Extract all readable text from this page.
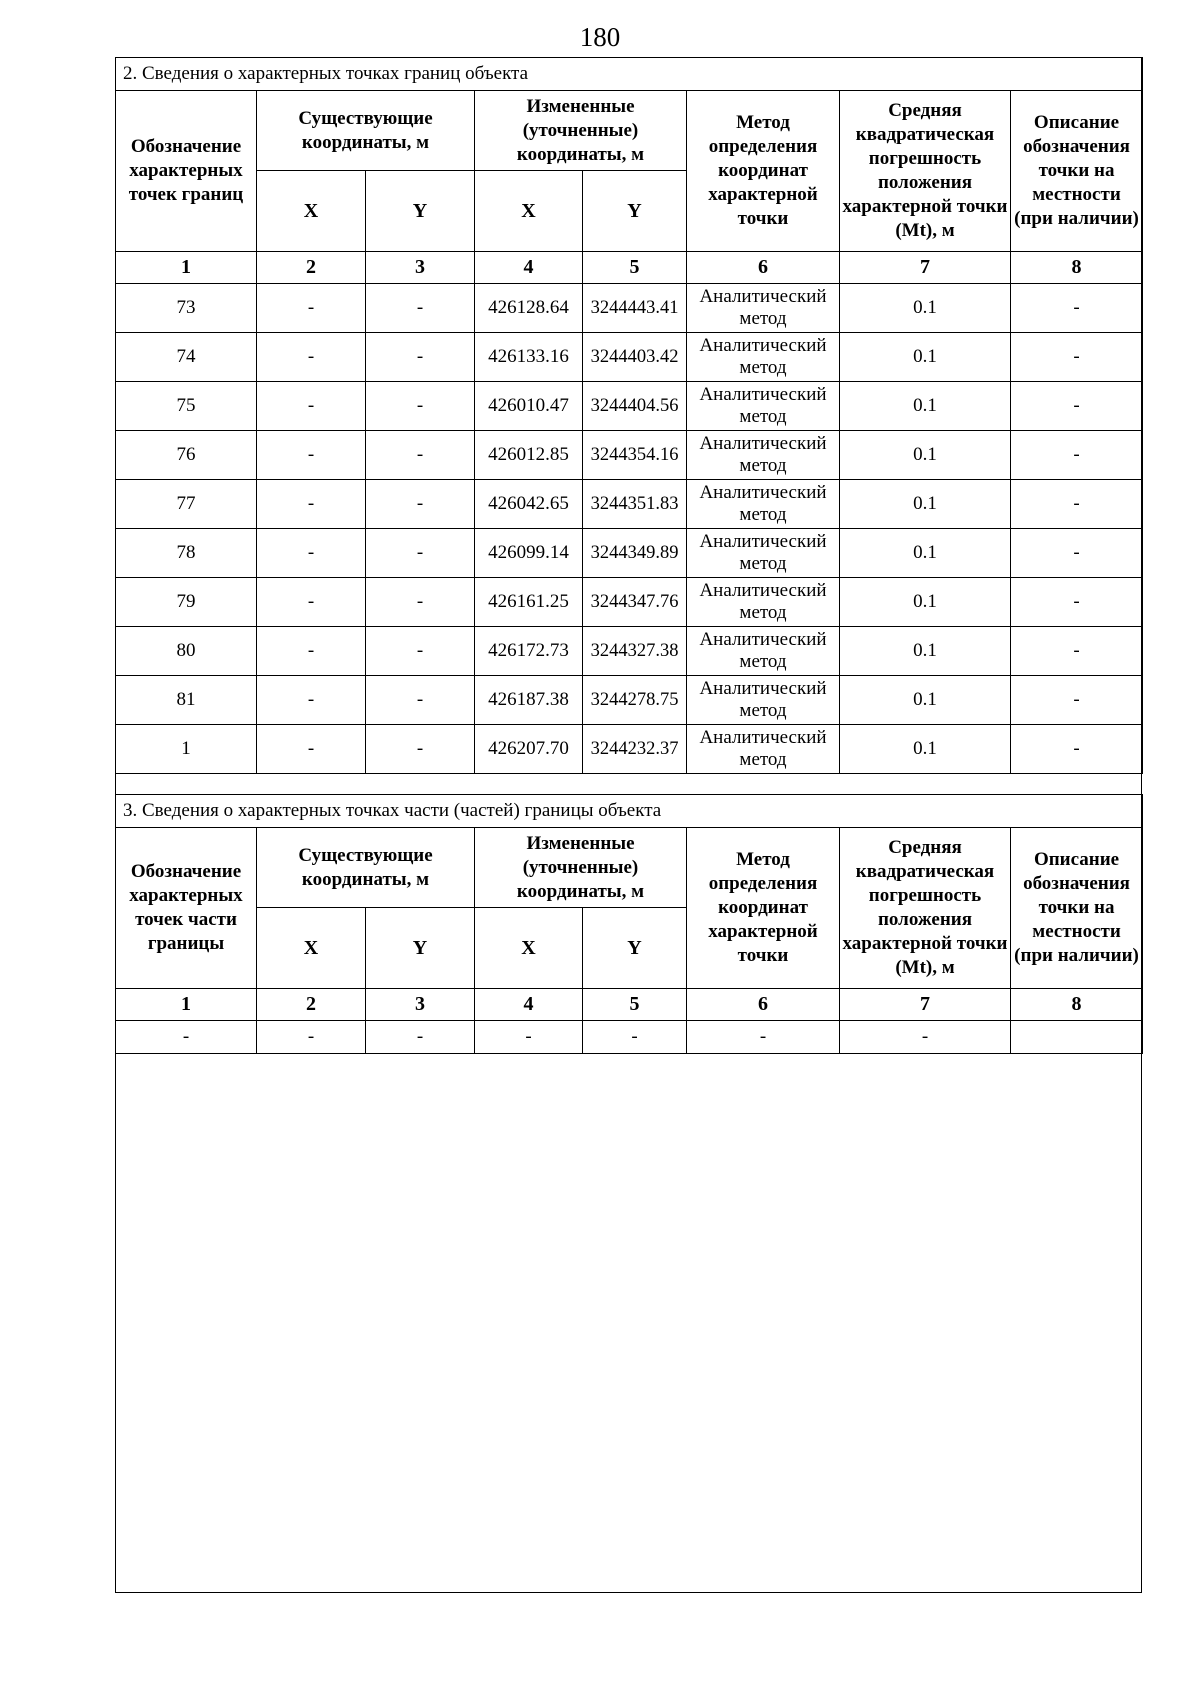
180
2. Сведения о характерных точках границ объекта							
Обозначение характерных точек границ	Существующие координаты, м		Измененные (уточненные) координаты, м		Метод определения координат характерной точки	Средняя квадратическая погрешность положения характерной точки (Mt), м	Описание обозначения точки на местности (при наличии)
	X	Y	X	Y			
1	2	3	4	5	6	7	8
73	-	-	426128.64	3244443.41	Аналитический метод	0.1	-
74	-	-	426133.16	3244403.42	Аналитический метод	0.1	-
75	-	-	426010.47	3244404.56	Аналитический метод	0.1	-
76	-	-	426012.85	3244354.16	Аналитический метод	0.1	-
77	-	-	426042.65	3244351.83	Аналитический метод	0.1	-
78	-	-	426099.14	3244349.89	Аналитический метод	0.1	-
79	-	-	426161.25	3244347.76	Аналитический метод	0.1	-
80	-	-	426172.73	3244327.38	Аналитический метод	0.1	-
81	-	-	426187.38	3244278.75	Аналитический метод	0.1	-
1	-	-	426207.70	3244232.37	Аналитический метод	0.1	-
3. Сведения о характерных точках части (частей) границы объекта							
Обозначение характерных точек части границы	Существующие координаты, м		Измененные (уточненные) координаты, м		Метод определения координат характерной точки	Средняя квадратическая погрешность положения характерной точки (Mt), м	Описание обозначения точки на местности (при наличии)
	X	Y	X	Y			
1	2	3	4	5	6	7	8
-	-	-	-	-	-	-	
